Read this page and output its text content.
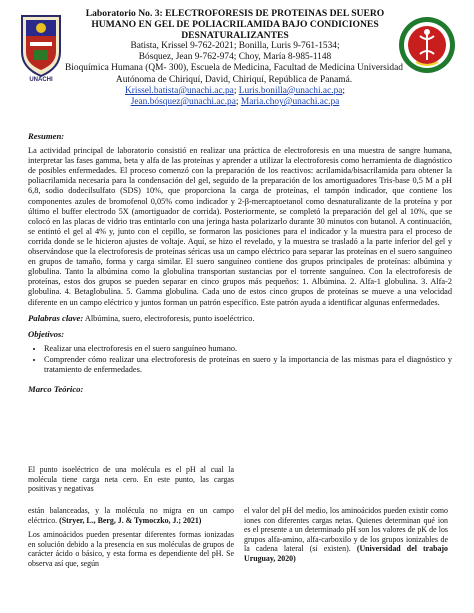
UNACHI
Laboratorio No. 3: ELECTROFORESIS DE PROTEINAS DEL SUERO HUMANO EN GEL DE POLIACRILAMIDA BAJO CONDICIONES DESNATURALIZANTES
Batista, Krissel 9-762-2021; Bonilla, Luris 9-761-1534;
Bósquez, Jean 9-762-974; Choy, María 8-985-1148
Bioquímica Humana (QM- 300), Escuela de Medicina, Facultad de Medicina Universidad Autónoma de Chiriquí, David, Chiriquí, República de Panamá.
Krissel.batista@unachi.ac.pa; Luris.bonilla@unachi.ac.pa;
Jean.bósquez@unachi.ac.pa; Maria.choy@unachi.ac.pa
Resumen:

La actividad principal de laboratorio consistió en realizar una práctica de electroforesis en una muestra de sangre humana, interpretar las fases gamma, beta y alfa de las proteínas y aprender a utilizar la electroforesis como herramienta de diagnóstico de posibles enfermedades. El proceso comenzó con la preparación de los reactivos: acrilamida/bisacrilamida para obtener la poliacrilamida necesaria para la condensación del gel, seguido de la preparación de los amortiguadores Tris-base 0,5 M a pH 6,8, sodio dodecilsulfato (SDS) 10%, que proporciona la carga de proteínas, el tampón indicador, que contiene los componentes azules de bromofenol 0,05% como indicador y 2-β-mercaptoetanol como desnaturalizante de la proteína y por último el buffer electrodo 5X (amortiguador de corrida). Posteriormente, se completó la preparación del gel al 10%, que se colocó en las placas de vidrio tras entintarlo con una jeringa hasta polarizarlo durante 30 minutos con butanol. A continuación, se entintó el gel al 4% y, junto con el cepillo, se formaron las posiciones para el indicador y la muestra para el proceso de corrida donde se le hicieron ajustes de voltaje. Aquí, se hizo el revelado, y la muestra se trasladó a la parte inferior del gel y observándose que la electroforesis de proteínas séricas usa un campo eléctrico para separar las proteínas en el suero sanguíneo en grupos de tamaño, forma y carga similar. El suero sanguíneo contiene dos grupos principales de proteínas: albúmina y globulina. Tanto la albúmina como la globulina transportan sustancias por el torrente sanguíneo. Con la electroforesis de proteínas, estos dos grupos se pueden separar en cinco grupos más pequeños: 1. Albúmina. 2. Alfa-1 globulina. 3. Alfa-2 globulina. 4. Betaglobulina. 5. Gamma globulina. Cada uno de estos cinco grupos de proteínas se mueve a una velocidad diferente en un campo eléctrico y juntos forman un patrón específico. Este patrón ayuda a identificar algunas enfermedades.

Palabras clave: Albúmina, suero, electroforesis, punto isoeléctrico.

Objetivos:
• Realizar una electroforesis en el suero sanguíneo humano.
• Comprender cómo realizar una electroforesis de proteínas en suero y la importancia de las mismas para el diagnóstico y tratamiento de enfermedades.
Marco Teórico:
El punto isoeléctrico de una molécula es el pH al cual la molécula tiene carga neta cero. En este punto, las cargas positivas y negativas

están balanceadas, y la molécula no migra en un campo eléctrico. (Stryer, L., Berg, J. & Tymoczko, J.; 2021)

Los aminoácidos pueden presentar diferentes formas ionizadas en solución debido a la presencia en sus moléculas de grupos de carácter ácido o básico, y esta forma es dependiente del pH. Se observa así que, según

el valor del pH del medio, los aminoácidos pueden existir como iones con diferentes cargas netas. Quienes determinan qué ion es el presente a un determinado pH son los valores de pK de los grupos alfa-amino, alfa-carboxilo y de los grupos ionizables de la cadena lateral (si existen). (Universidad del trabajo Uruguay, 2020)
